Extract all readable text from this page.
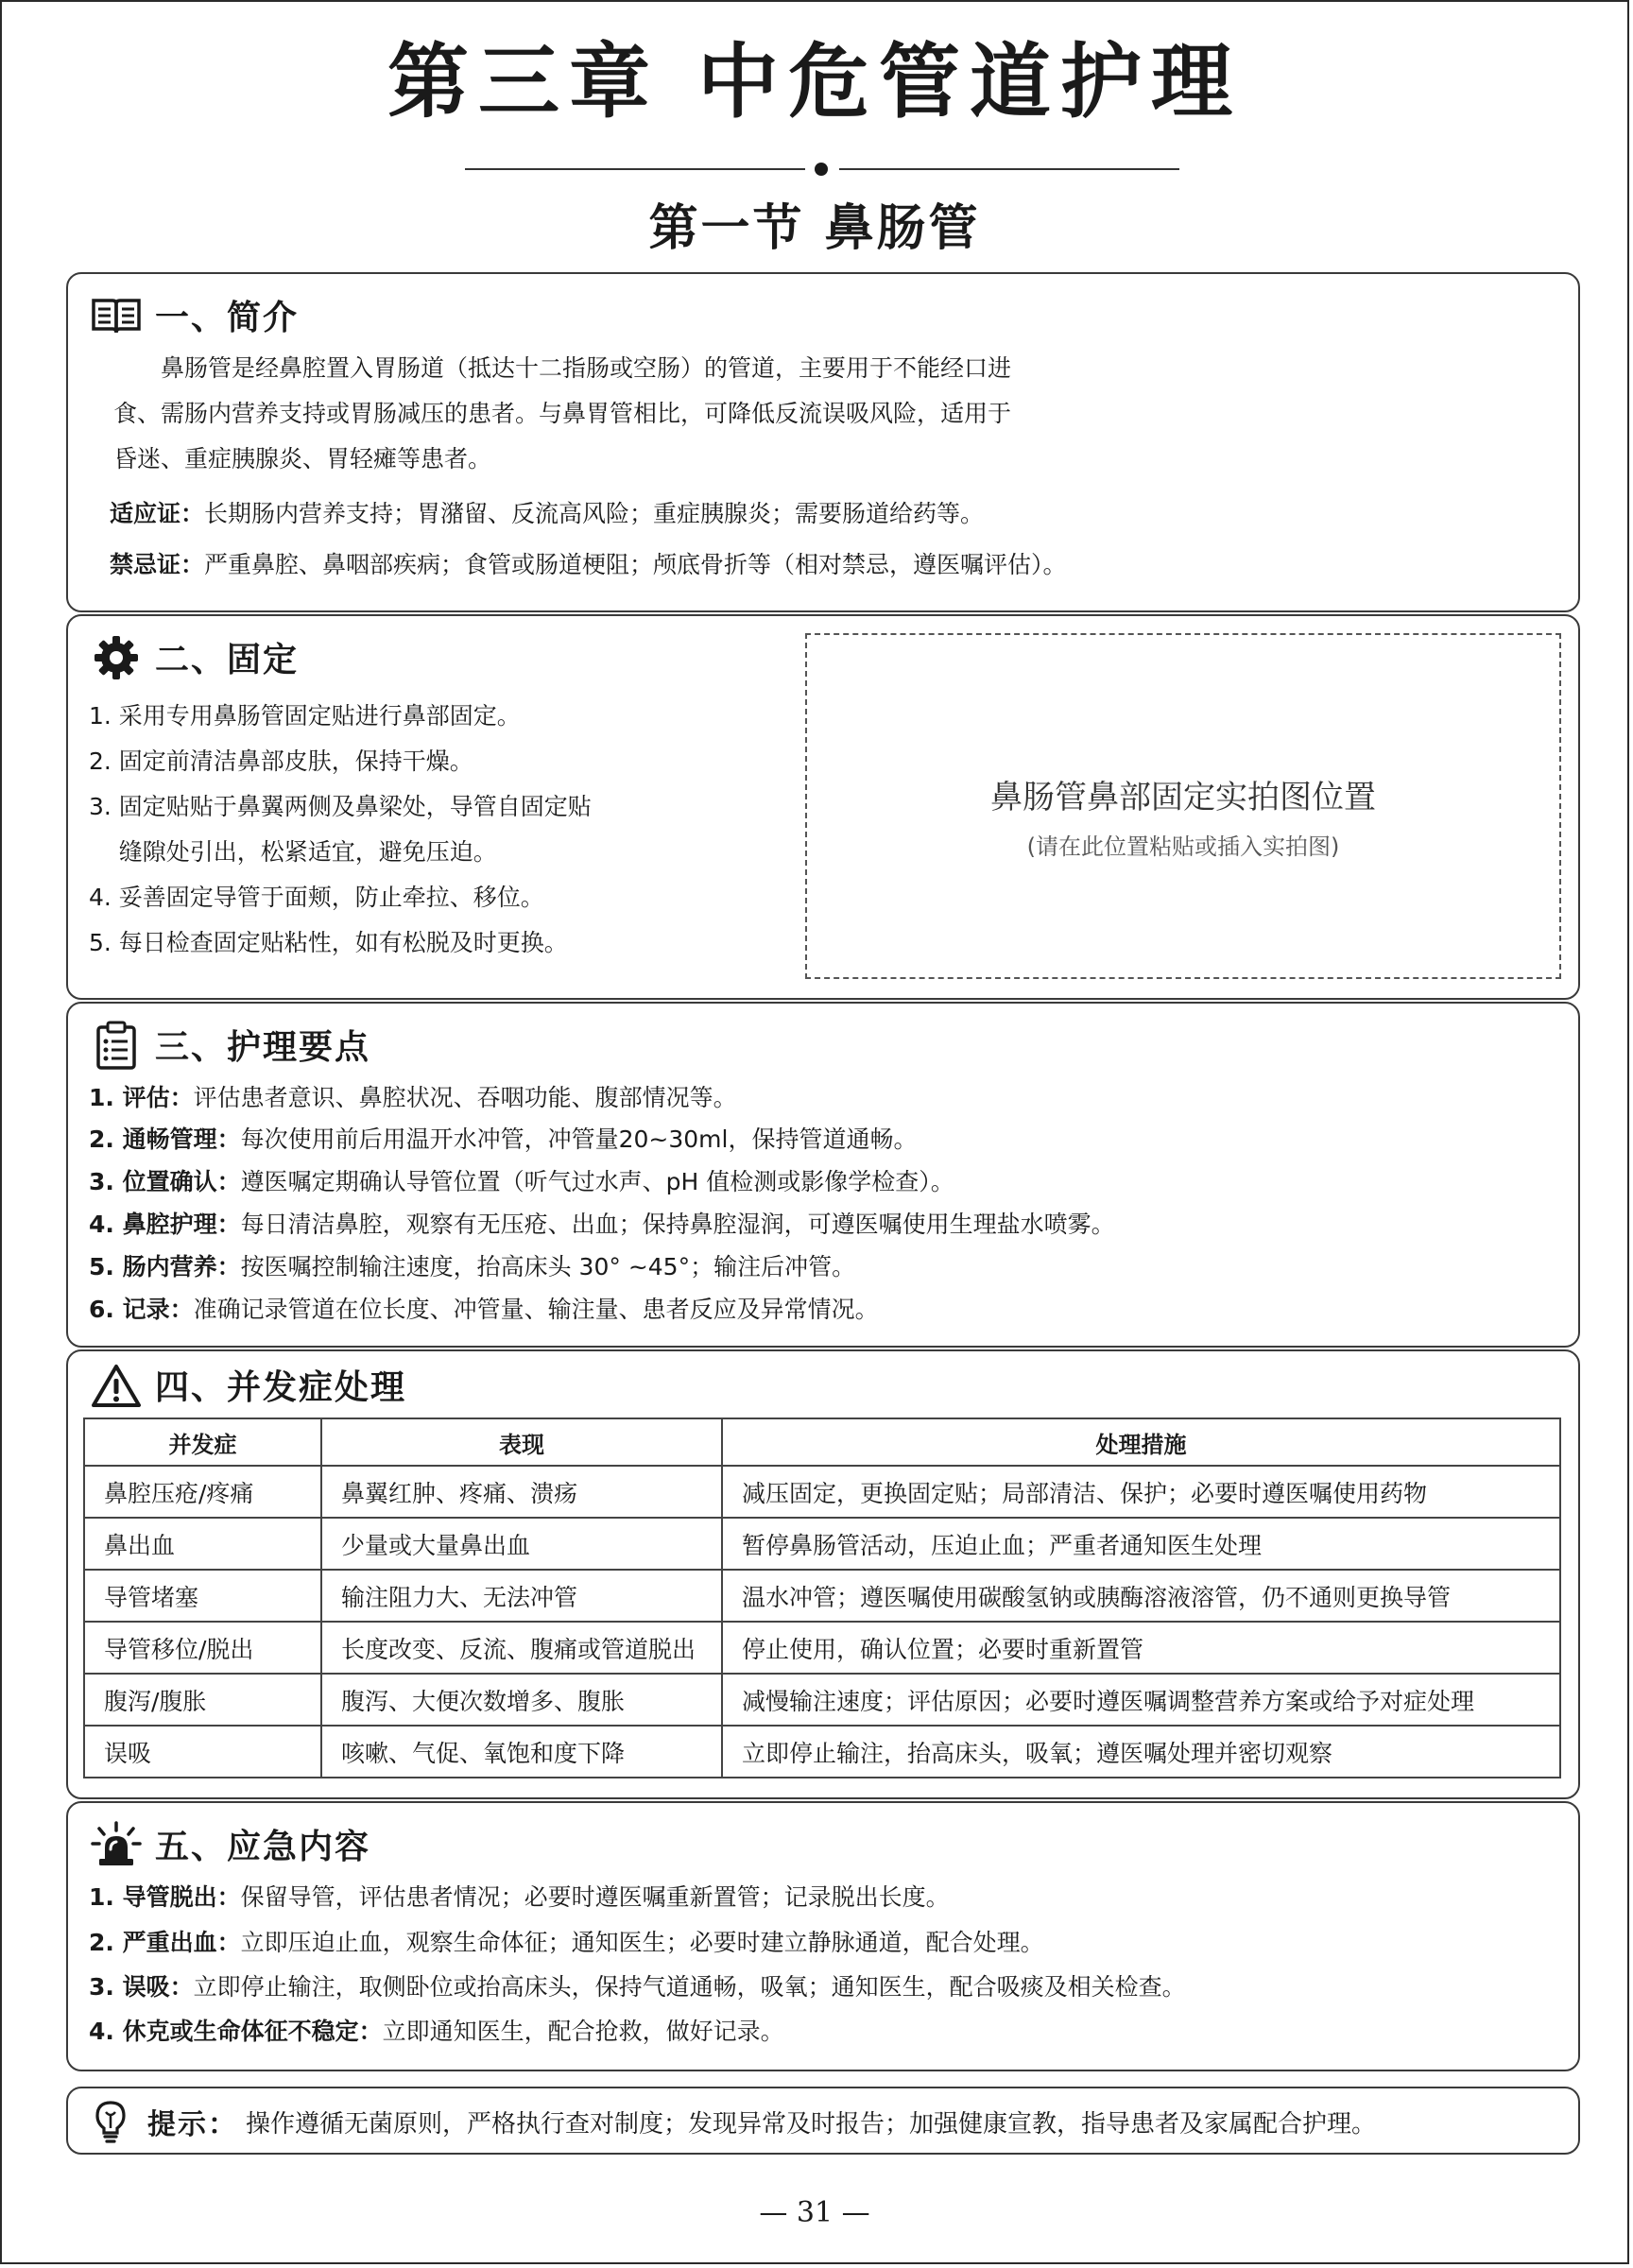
第三章 中危管道护理
第一节 鼻肠管
一、简介
鼻肠管是经鼻腔置入胃肠道（抵达十二指肠或空肠）的管道，主要用于不能经口进
食、需肠内营养支持或胃肠减压的患者。与鼻胃管相比，可降低反流误吸风险，适用于
昏迷、重症胰腺炎、胃轻瘫等患者。
适应证：长期肠内营养支持；胃潴留、反流高风险；重症胰腺炎；需要肠道给药等。
禁忌证：严重鼻腔、鼻咽部疾病；食管或肠道梗阻；颅底骨折等（相对禁忌，遵医嘱评估）。
二、固定
1. 采用专用鼻肠管固定贴进行鼻部固定。
2. 固定前清洁鼻部皮肤，保持干燥。
3. 固定贴贴于鼻翼两侧及鼻梁处，导管自固定贴
缝隙处引出，松紧适宜，避免压迫。
4. 妥善固定导管于面颊，防止牵拉、移位。
5. 每日检查固定贴粘性，如有松脱及时更换。
鼻肠管鼻部固定实拍图位置
(请在此位置粘贴或插入实拍图)
三、护理要点
1. 评估：评估患者意识、鼻腔状况、吞咽功能、腹部情况等。
2. 通畅管理：每次使用前后用温开水冲管，冲管量20~30ml，保持管道通畅。
3. 位置确认：遵医嘱定期确认导管位置（听气过水声、pH 值检测或影像学检查）。
4. 鼻腔护理：每日清洁鼻腔，观察有无压疮、出血；保持鼻腔湿润，可遵医嘱使用生理盐水喷雾。
5. 肠内营养：按医嘱控制输注速度，抬高床头 30° ~45°；输注后冲管。
6. 记录：准确记录管道在位长度、冲管量、输注量、患者反应及异常情况。
四、并发症处理
并发症	表现	处理措施
鼻腔压疮/疼痛	鼻翼红肿、疼痛、溃疡	减压固定，更换固定贴；局部清洁、保护；必要时遵医嘱使用药物
鼻出血	少量或大量鼻出血	暂停鼻肠管活动，压迫止血；严重者通知医生处理
导管堵塞	输注阻力大、无法冲管	温水冲管；遵医嘱使用碳酸氢钠或胰酶溶液溶管，仍不通则更换导管
导管移位/脱出	长度改变、反流、腹痛或管道脱出	停止使用，确认位置；必要时重新置管
腹泻/腹胀	腹泻、大便次数增多、腹胀	减慢输注速度；评估原因；必要时遵医嘱调整营养方案或给予对症处理
误吸	咳嗽、气促、氧饱和度下降	立即停止输注，抬高床头，吸氧；遵医嘱处理并密切观察
五、应急内容
1. 导管脱出：保留导管，评估患者情况；必要时遵医嘱重新置管；记录脱出长度。
2. 严重出血：立即压迫止血，观察生命体征；通知医生；必要时建立静脉通道，配合处理。
3. 误吸：立即停止输注，取侧卧位或抬高床头，保持气道通畅，吸氧；通知医生，配合吸痰及相关检查。
4. 休克或生命体征不稳定：立即通知医生，配合抢救，做好记录。
提示： 操作遵循无菌原则，严格执行查对制度；发现异常及时报告；加强健康宣教，指导患者及家属配合护理。
— 31 —
